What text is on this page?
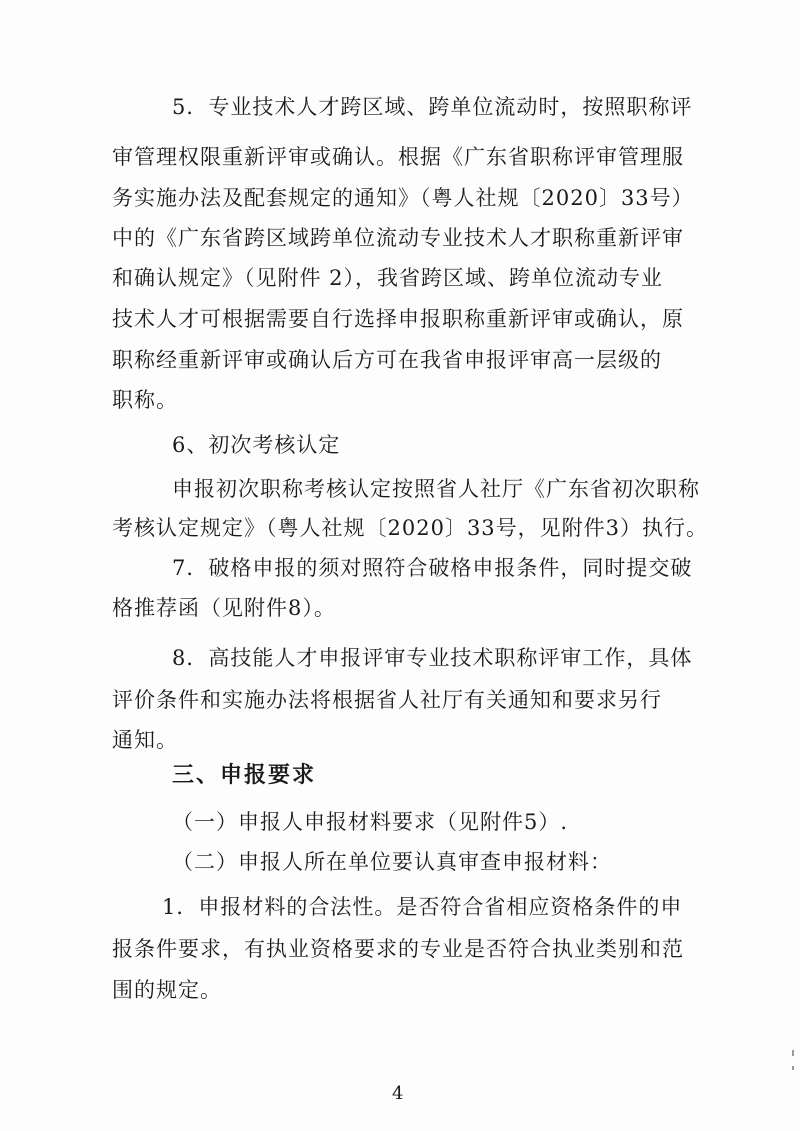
5．专业技术人才跨区域、跨单位流动时，按照职称评
审管理权限重新评审或确认。根据《广东省职称评审管理服
务实施办法及配套规定的通知》（粤人社规〔2020〕33号）
中的《广东省跨区域跨单位流动专业技术人才职称重新评审
和确认规定》（见附件 2），我省跨区域、跨单位流动专业
技术人才可根据需要自行选择申报职称重新评审或确认，原
职称经重新评审或确认后方可在我省申报评审高一层级的
职称。
6、初次考核认定
申报初次职称考核认定按照省人社厅《广东省初次职称
考核认定规定》（粤人社规〔2020〕33号，见附件3）执行。
7．破格申报的须对照符合破格申报条件，同时提交破
格推荐函（见附件8）。
8．高技能人才申报评审专业技术职称评审工作，具体
评价条件和实施办法将根据省人社厅有关通知和要求另行
通知。
三、申报要求
（一）申报人申报材料要求（见附件5）.
（二）申报人所在单位要认真审查申报材料：
1．申报材料的合法性。是否符合省相应资格条件的申
报条件要求，有执业资格要求的专业是否符合执业类别和范
围的规定。
4
